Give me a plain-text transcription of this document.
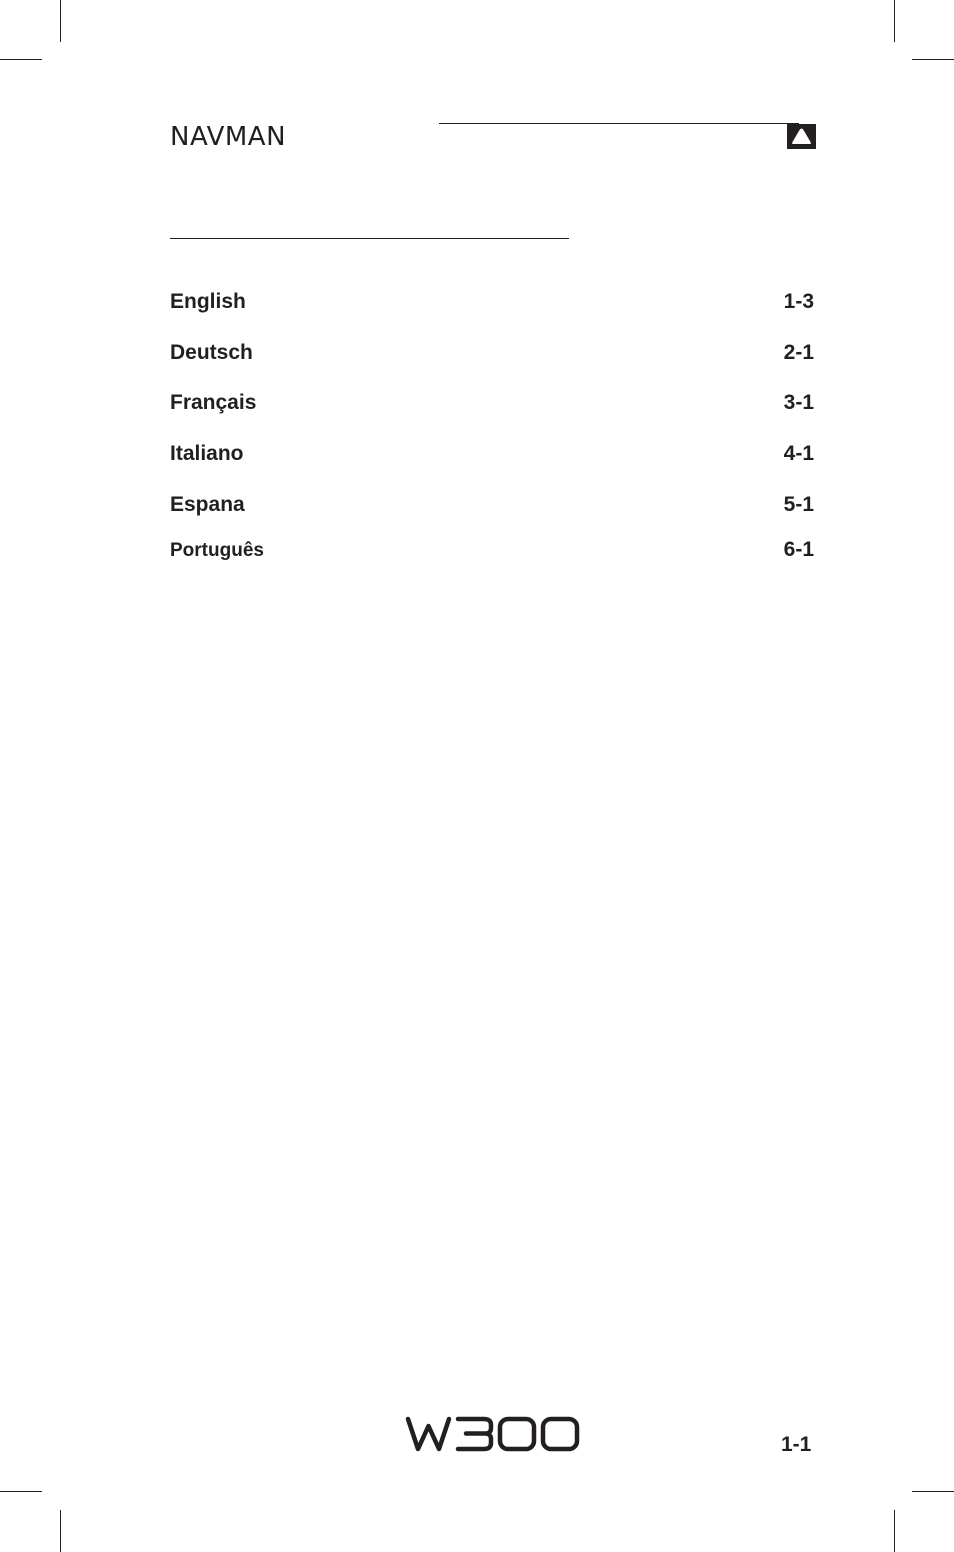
NAVMAN
English	1-3
Deutsch	2-1
Français	3-1
Italiano	4-1
Espana	5-1
Português	6-1
1-1
